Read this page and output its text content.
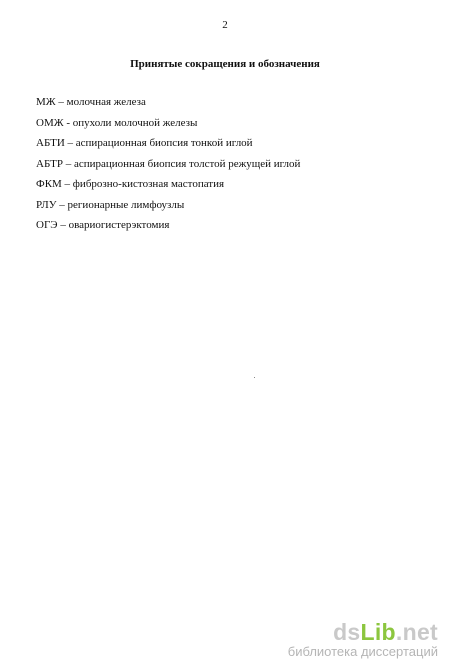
2
Принятые сокращения и обозначения
МЖ – молочная железа
ОМЖ - опухоли молочной железы
АБТИ – аспирационная биопсия тонкой иглой
АБТР – аспирационная биопсия толстой режущей иглой
ФКМ – фиброзно-кистозная мастопатия
РЛУ – регионарные лимфоузлы
ОГЭ – овариогистерэктомия
dsLib.net
библиотека диссертаций
